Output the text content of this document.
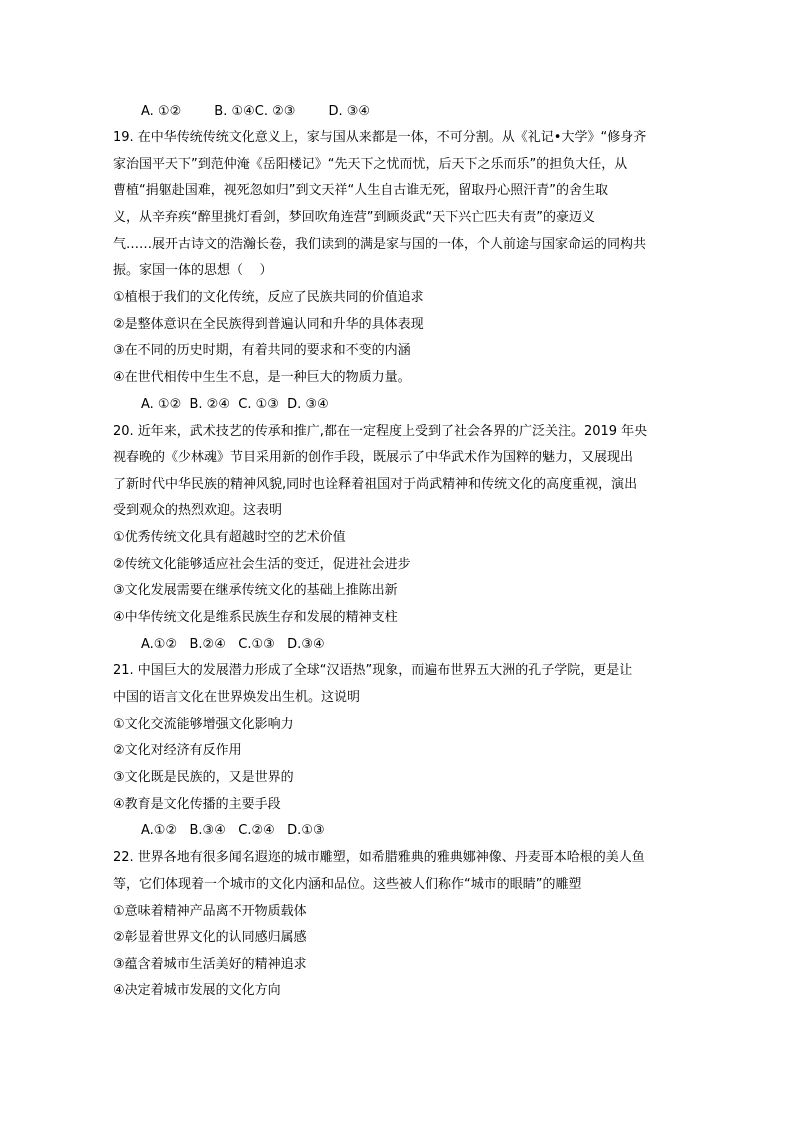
A. ①②        B. ①④C. ②③        D. ③④
19. 在中华传统传统文化意义上，家与国从来都是一体，不可分割。从《礼记•大学》“修身齐
家治国平天下”到范仲淹《岳阳楼记》“先天下之忧而忧，后天下之乐而乐”的担负大任，从
曹植“捐躯赴国难，视死忽如归”到文天祥“人生自古谁无死，留取丹心照汗青”的舍生取
义，从辛弃疾“醉里挑灯看剑，梦回吹角连营”到顾炎武“天下兴亡匹夫有责”的豪迈义
气……展开古诗文的浩瀚长卷，我们读到的满是家与国的一体，个人前途与国家命运的同构共
振。家国一体的思想（    ）
①植根于我们的文化传统，反应了民族共同的价值追求
②是整体意识在全民族得到普遍认同和升华的具体表现
③在不同的历史时期，有着共同的要求和不变的内涵
④在世代相传中生生不息，是一种巨大的物质力量。
A. ①②  B. ②④  C. ①③  D. ③④
20. 近年来，武术技艺的传承和推广,都在一定程度上受到了社会各界的广泛关注。2019 年央
视春晚的《少林魂》节目采用新的创作手段，既展示了中华武术作为国粹的魅力，又展现出
了新时代中华民族的精神风貌,同时也诠释着祖国对于尚武精神和传统文化的高度重视，演出
受到观众的热烈欢迎。这表明
①优秀传统文化具有超越时空的艺术价值
②传统文化能够适应社会生活的变迁，促进社会进步
③文化发展需要在继承传统文化的基础上推陈出新
④中华传统文化是维系民族生存和发展的精神支柱
A.①②   B.②④   C.①③   D.③④
21. 中国巨大的发展潜力形成了全球“汉语热”现象，而遍布世界五大洲的孔子学院，更是让
中国的语言文化在世界焕发出生机。这说明
①文化交流能够增强文化影响力
②文化对经济有反作用
③文化既是民族的，又是世界的
④教育是文化传播的主要手段
A.①②   B.③④   C.②④   D.①③
22. 世界各地有很多闻名遐迩的城市雕塑，如希腊雅典的雅典娜神像、丹麦哥本哈根的美人鱼
等，它们体现着一个城市的文化内涵和品位。这些被人们称作“城市的眼睛”的雕塑
①意味着精神产品离不开物质载体
②彰显着世界文化的认同感归属感
③蕴含着城市生活美好的精神追求
④决定着城市发展的文化方向
